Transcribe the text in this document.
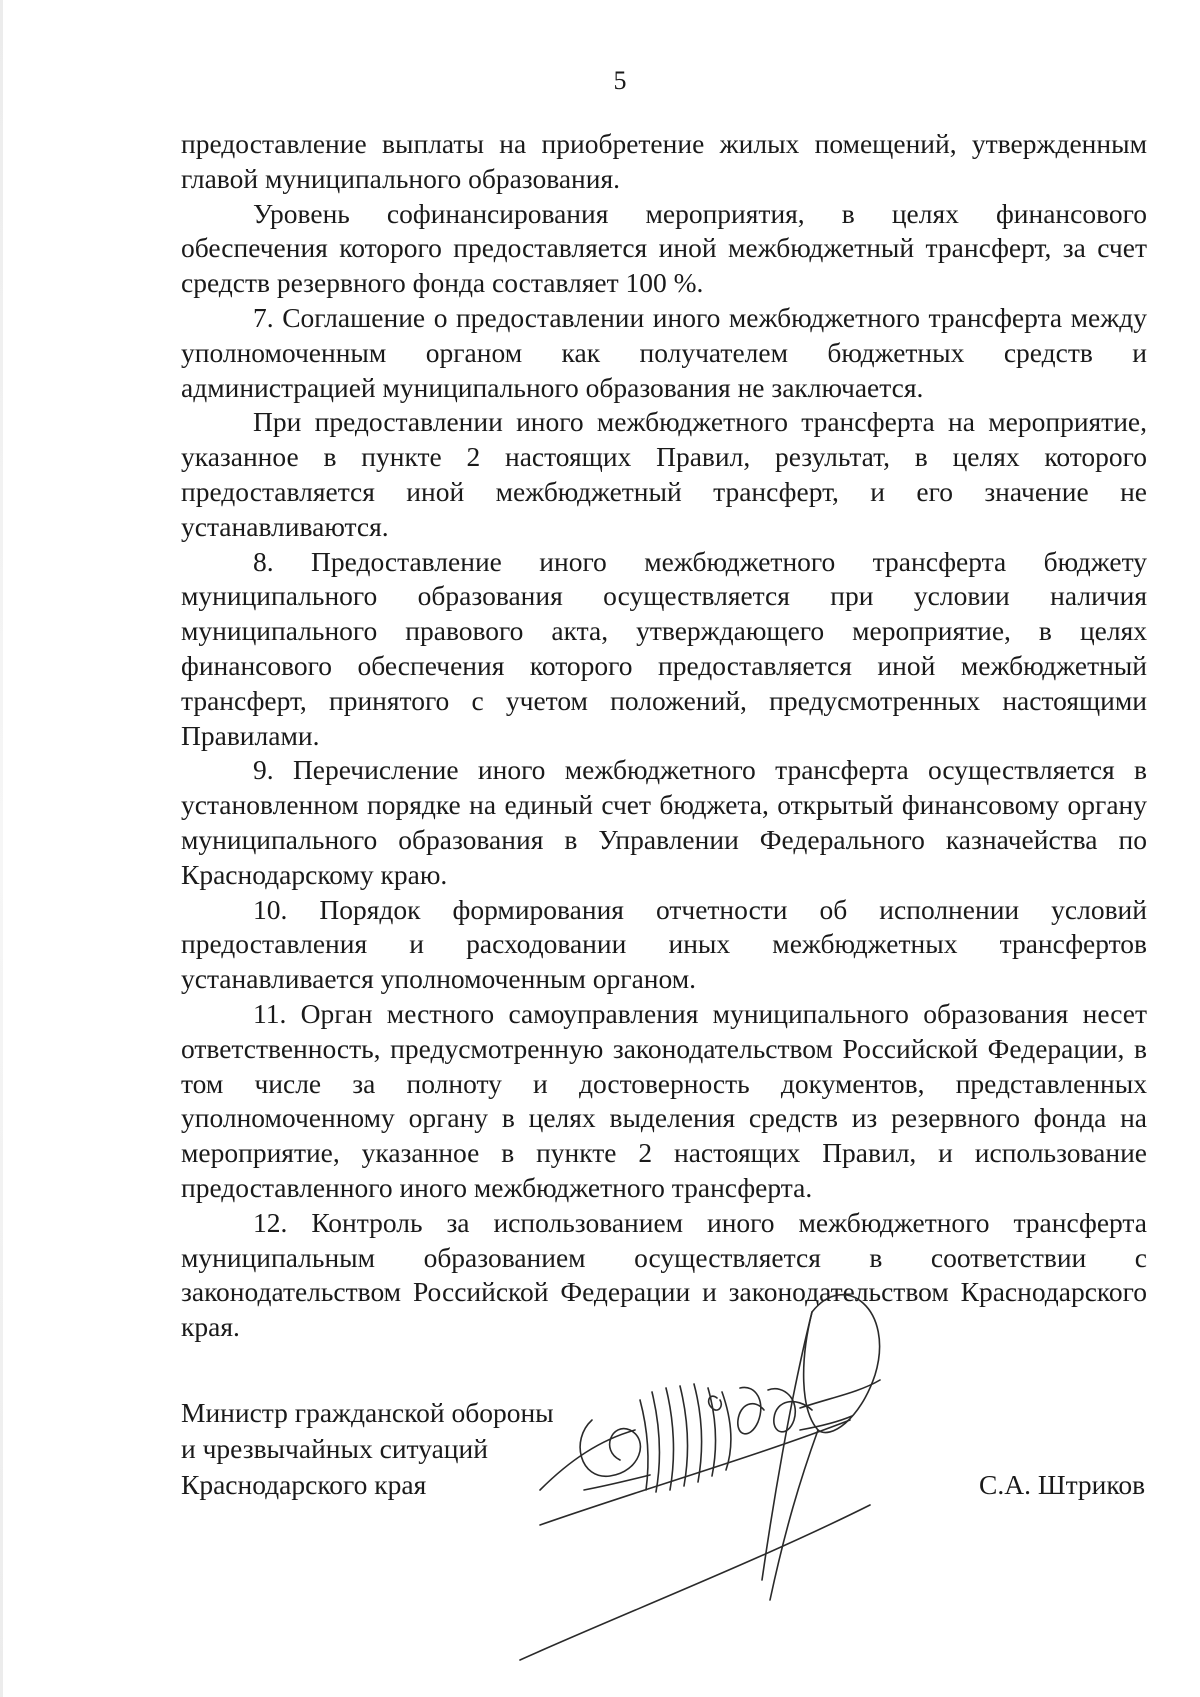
5

предоставление выплаты на приобретение жилых помещений, утвержденным главой муниципального образования.

Уровень софинансирования мероприятия, в целях финансового обеспечения которого предоставляется иной межбюджетный трансферт, за счет средств резервного фонда составляет 100 %.

7. Соглашение о предоставлении иного межбюджетного трансферта между уполномоченным органом как получателем бюджетных средств и администрацией муниципального образования не заключается.

При предоставлении иного межбюджетного трансферта на мероприятие, указанное в пункте 2 настоящих Правил, результат, в целях которого предоставляется иной межбюджетный трансферт, и его значение не устанавливаются.

8. Предоставление иного межбюджетного трансферта бюджету муниципального образования осуществляется при условии наличия муниципального правового акта, утверждающего мероприятие, в целях финансового обеспечения которого предоставляется иной межбюджетный трансферт, принятого с учетом положений, предусмотренных настоящими Правилами.

9. Перечисление иного межбюджетного трансферта осуществляется в установленном порядке на единый счет бюджета, открытый финансовому органу муниципального образования в Управлении Федерального казначейства по Краснодарскому краю.

10. Порядок формирования отчетности об исполнении условий предоставления и расходовании иных межбюджетных трансфертов устанавливается уполномоченным органом.

11. Орган местного самоуправления муниципального образования несет ответственность, предусмотренную законодательством Российской Федерации, в том числе за полноту и достоверность документов, представленных уполномоченному органу в целях выделения средств из резервного фонда на мероприятие, указанное в пункте 2 настоящих Правил, и использование предоставленного иного межбюджетного трансферта.

12. Контроль за использованием иного межбюджетного трансферта муниципальным образованием осуществляется в соответствии с законодательством Российской Федерации и законодательством Краснодарского края.

Министр гражданской обороны
и чрезвычайных ситуаций
Краснодарского края	С.А. Штриков
